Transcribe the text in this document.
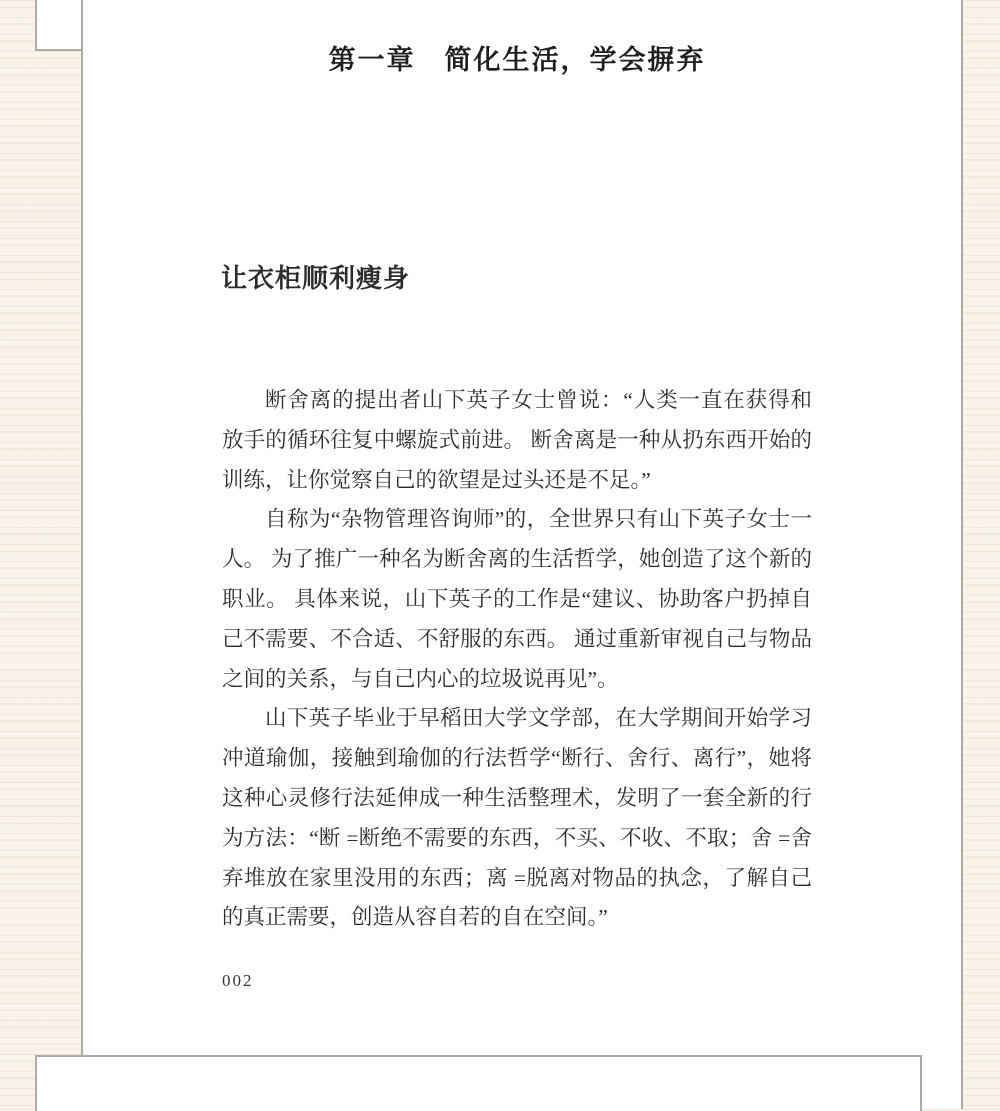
第一章　简化生活，学会摒弃
让衣柜顺利瘦身

断舍离的提出者山下英子女士曾说：“人类一直在获得和放手的循环往复中螺旋式前进。 断舍离是一种从扔东西开始的训练，让你觉察自己的欲望是过头还是不足。”

自称为“杂物管理咨询师”的，全世界只有山下英子女士一人。 为了推广一种名为断舍离的生活哲学，她创造了这个新的职业。 具体来说，山下英子的工作是“建议、协助客户扔掉自己不需要、不合适、不舒服的东西。 通过重新审视自己与物品之间的关系，与自己内心的垃圾说再见”。

山下英子毕业于早稻田大学文学部，在大学期间开始学习冲道瑜伽，接触到瑜伽的行法哲学“断行、舍行、离行”，她将这种心灵修行法延伸成一种生活整理术，发明了一套全新的行为方法：“断 =断绝不需要的东西，不买、不收、不取；舍 =舍弃堆放在家里没用的东西；离 =脱离对物品的执念，了解自己的真正需要，创造从容自若的自在空间。”

002
